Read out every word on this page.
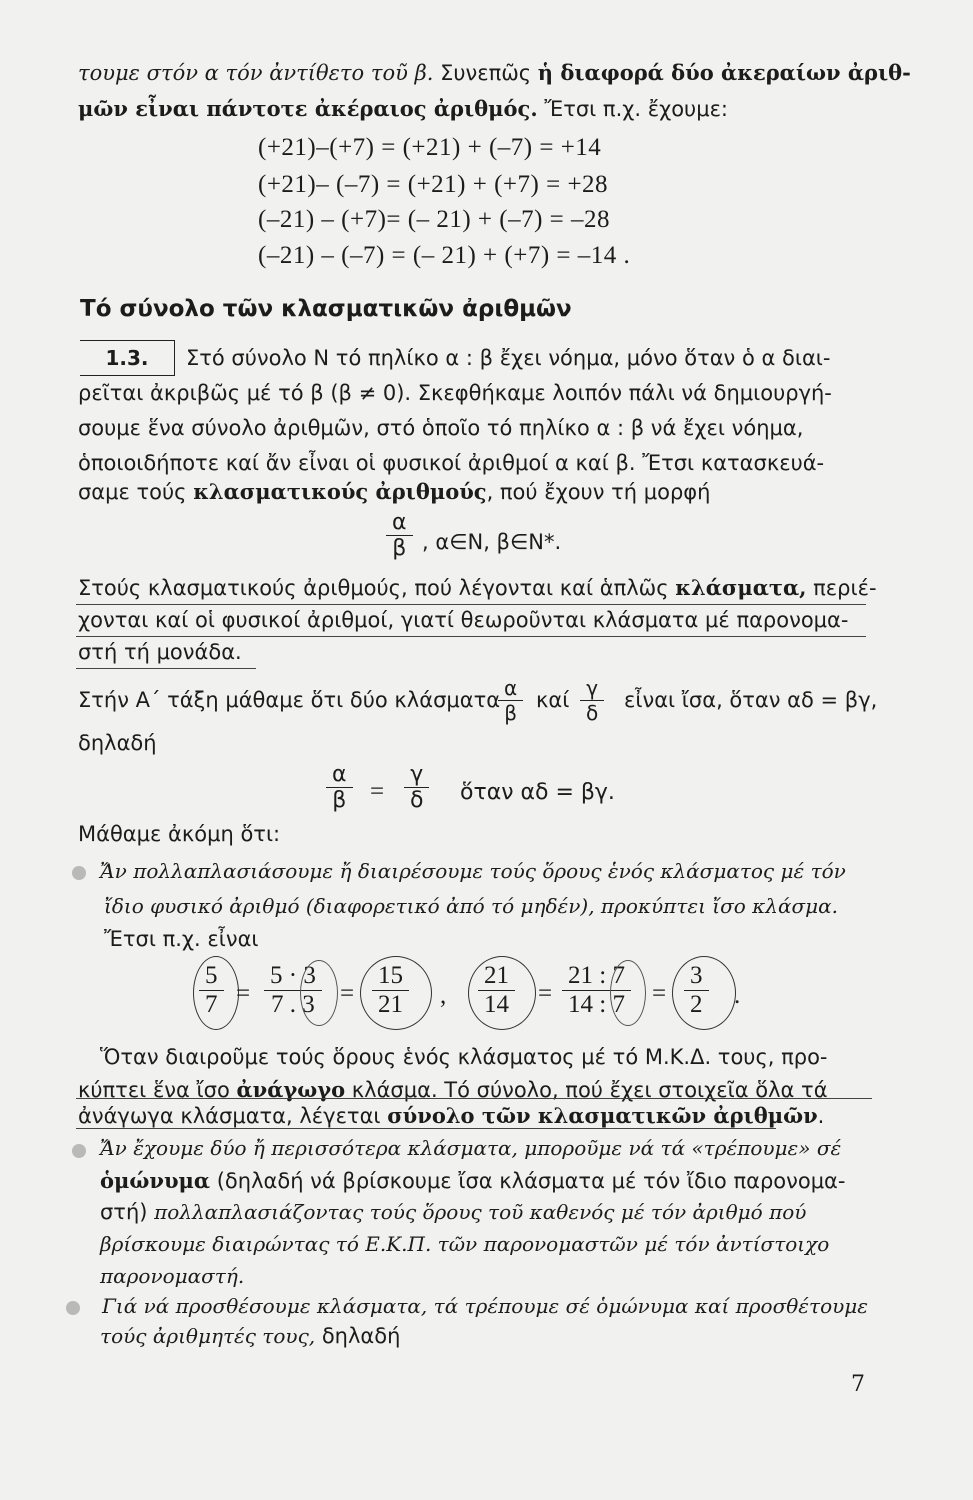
τουμε στόν α τόν ἀντίθετο τοῦ β. Συνεπῶς ἡ διαφορά δύο ἀκεραίων ἀριθ-
μῶν εἶναι πάντοτε ἀκέραιος ἀριθμός. Ἔτσι π.χ. ἔχουμε:
(+21)–(+7) = (+21) + (–7) = +14
(+21)– (–7) = (+21) + (+7) = +28
(–21) – (+7)= (– 21) + (–7) = –28
(–21) – (–7) = (– 21) + (+7) = –14 .
Τό σύνολο τῶν κλασματικῶν ἀριθμῶν
1.3.	Στό σύνολο Ν τό πηλίκο α : β ἔχει νόημα, μόνο ὅταν ὁ α διαι-
ρεῖται ἀκριβῶς μέ τό β (β ≠ 0). Σκεφθήκαμε λοιπόν πάλι νά δημιουργή-
σουμε ἕνα σύνολο ἀριθμῶν, στό ὁποῖο τό πηλίκο α : β νά ἔχει νόημα,
ὁποιοιδήποτε καί ἄν εἶναι οἱ φυσικοί ἀριθμοί α καί β. Ἔτσι κατασκευά-
σαμε τούς κλασματικούς ἀριθμούς, πού ἔχουν τή μορφή
α
β , α∈Ν, β∈Ν*.
Στούς κλασματικούς ἀριθμούς, πού λέγονται καί ἁπλῶς κλάσματα, περιέ-
χονται καί οἱ φυσικοί ἀριθμοί, γιατί θεωροῦνται κλάσματα μέ παρονομα-
στή τή μονάδα.
Στήν Α΄ τάξη μάθαμε ὅτι δύο κλάσματα α
β
καί γ
δ
εἶναι ἴσα, ὅταν αδ = βγ,
δηλαδή
α
β =
γ
δ ὅταν αδ = βγ.
Μάθαμε ἀκόμη ὅτι:
Ἄν πολλαπλασιάσουμε ἤ διαιρέσουμε τούς ὅρους ἑνός κλάσματος μέ τόν
ἴδιο φυσικό ἀριθμό (διαφορετικό ἀπό τό μηδέν), προκύπτει ἴσο κλάσμα.
Ἔτσι π.χ. εἶναι
5
7 =
5 · 3
7 . 3 =
15
21 ,
21
14 =
21 : 7
14 : 7 =
3
2 .
Ὅταν διαιροῦμε τούς ὅρους ἑνός κλάσματος μέ τό Μ.Κ.Δ. τους, προ-
κύπτει ἕνα ἴσο ἀνάγωγο κλάσμα. Τό σύνολο, πού ἔχει στοιχεῖα ὅλα τά
ἀνάγωγα κλάσματα, λέγεται σύνολο τῶν κλασματικῶν ἀριθμῶν.
Ἄν ἔχουμε δύο ἤ περισσότερα κλάσματα, μποροῦμε νά τά «τρέπουμε» σέ
ὁμώνυμα (δηλαδή νά βρίσκουμε ἴσα κλάσματα μέ τόν ἴδιο παρονομα-
στή) πολλαπλασιάζοντας τούς ὅρους τοῦ καθενός μέ τόν ἀριθμό πού
βρίσκουμε διαιρώντας τό Ε.Κ.Π. τῶν παρονομαστῶν μέ τόν ἀντίστοιχο
παρονομαστή.
Γιά νά προσθέσουμε κλάσματα, τά τρέπουμε σέ ὁμώνυμα καί προσθέτουμε
τούς ἀριθμητές τους, δηλαδή
7
